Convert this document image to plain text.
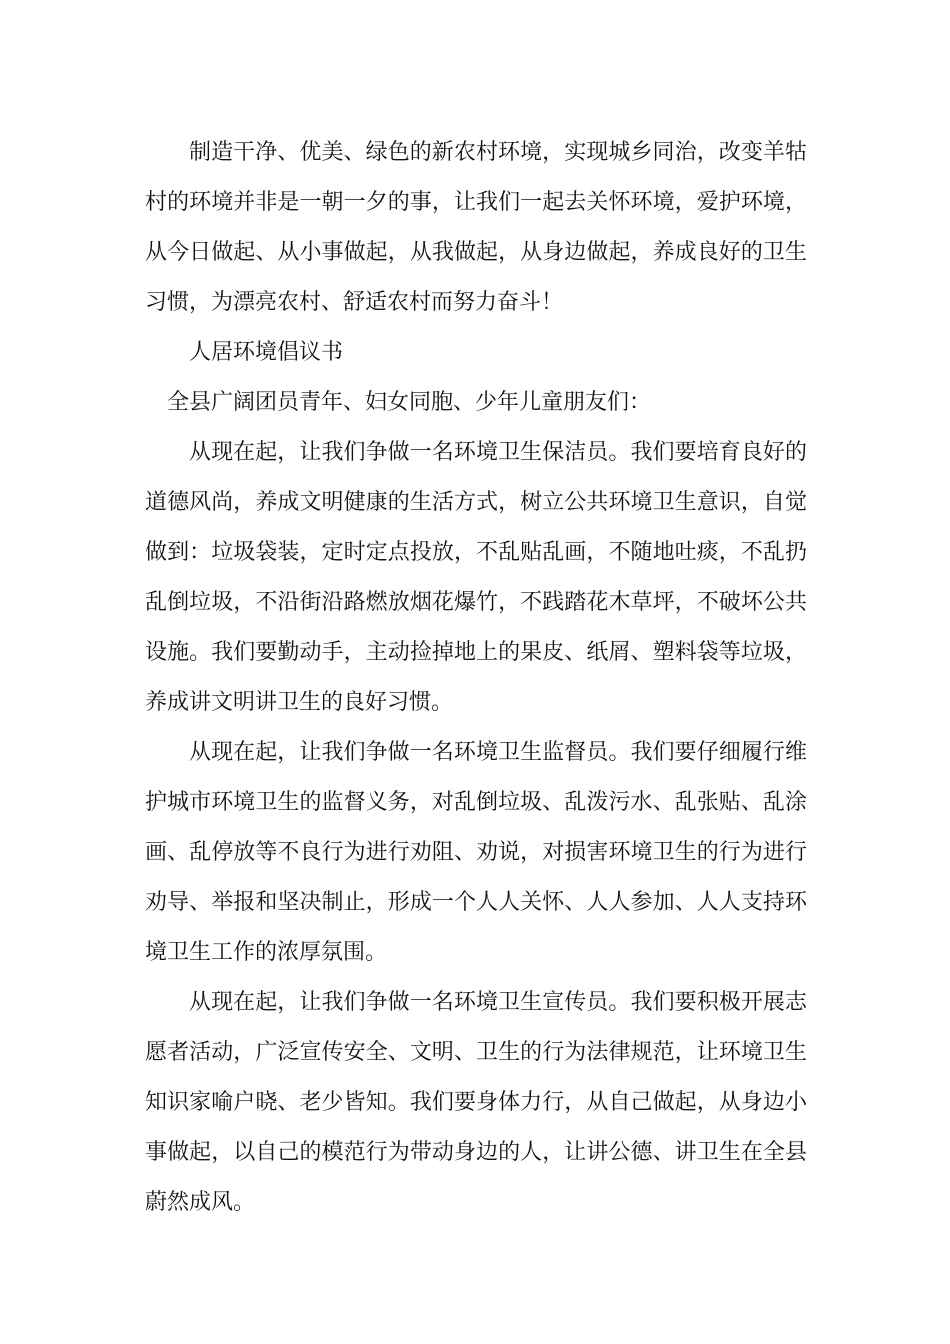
制造干净、优美、绿色的新农村环境，实现城乡同治，改变羊牯村的环境并非是一朝一夕的事，让我们一起去关怀环境，爱护环境，从今日做起、从小事做起，从我做起，从身边做起，养成良好的卫生习惯，为漂亮农村、舒适农村而努力奋斗！

人居环境倡议书

全县广阔团员青年、妇女同胞、少年儿童朋友们：

从现在起，让我们争做一名环境卫生保洁员。我们要培育良好的道德风尚，养成文明健康的生活方式，树立公共环境卫生意识，自觉做到：垃圾袋装，定时定点投放，不乱贴乱画，不随地吐痰，不乱扔乱倒垃圾，不沿街沿路燃放烟花爆竹，不践踏花木草坪，不破坏公共设施。我们要勤动手，主动捡掉地上的果皮、纸屑、塑料袋等垃圾，养成讲文明讲卫生的良好习惯。

从现在起，让我们争做一名环境卫生监督员。我们要仔细履行维护城市环境卫生的监督义务，对乱倒垃圾、乱泼污水、乱张贴、乱涂画、乱停放等不良行为进行劝阻、劝说，对损害环境卫生的行为进行劝导、举报和坚决制止，形成一个人人关怀、人人参加、人人支持环境卫生工作的浓厚氛围。

从现在起，让我们争做一名环境卫生宣传员。我们要积极开展志愿者活动，广泛宣传安全、文明、卫生的行为法律规范，让环境卫生知识家喻户晓、老少皆知。我们要身体力行，从自己做起，从身边小事做起，以自己的模范行为带动身边的人，让讲公德、讲卫生在全县蔚然成风。
